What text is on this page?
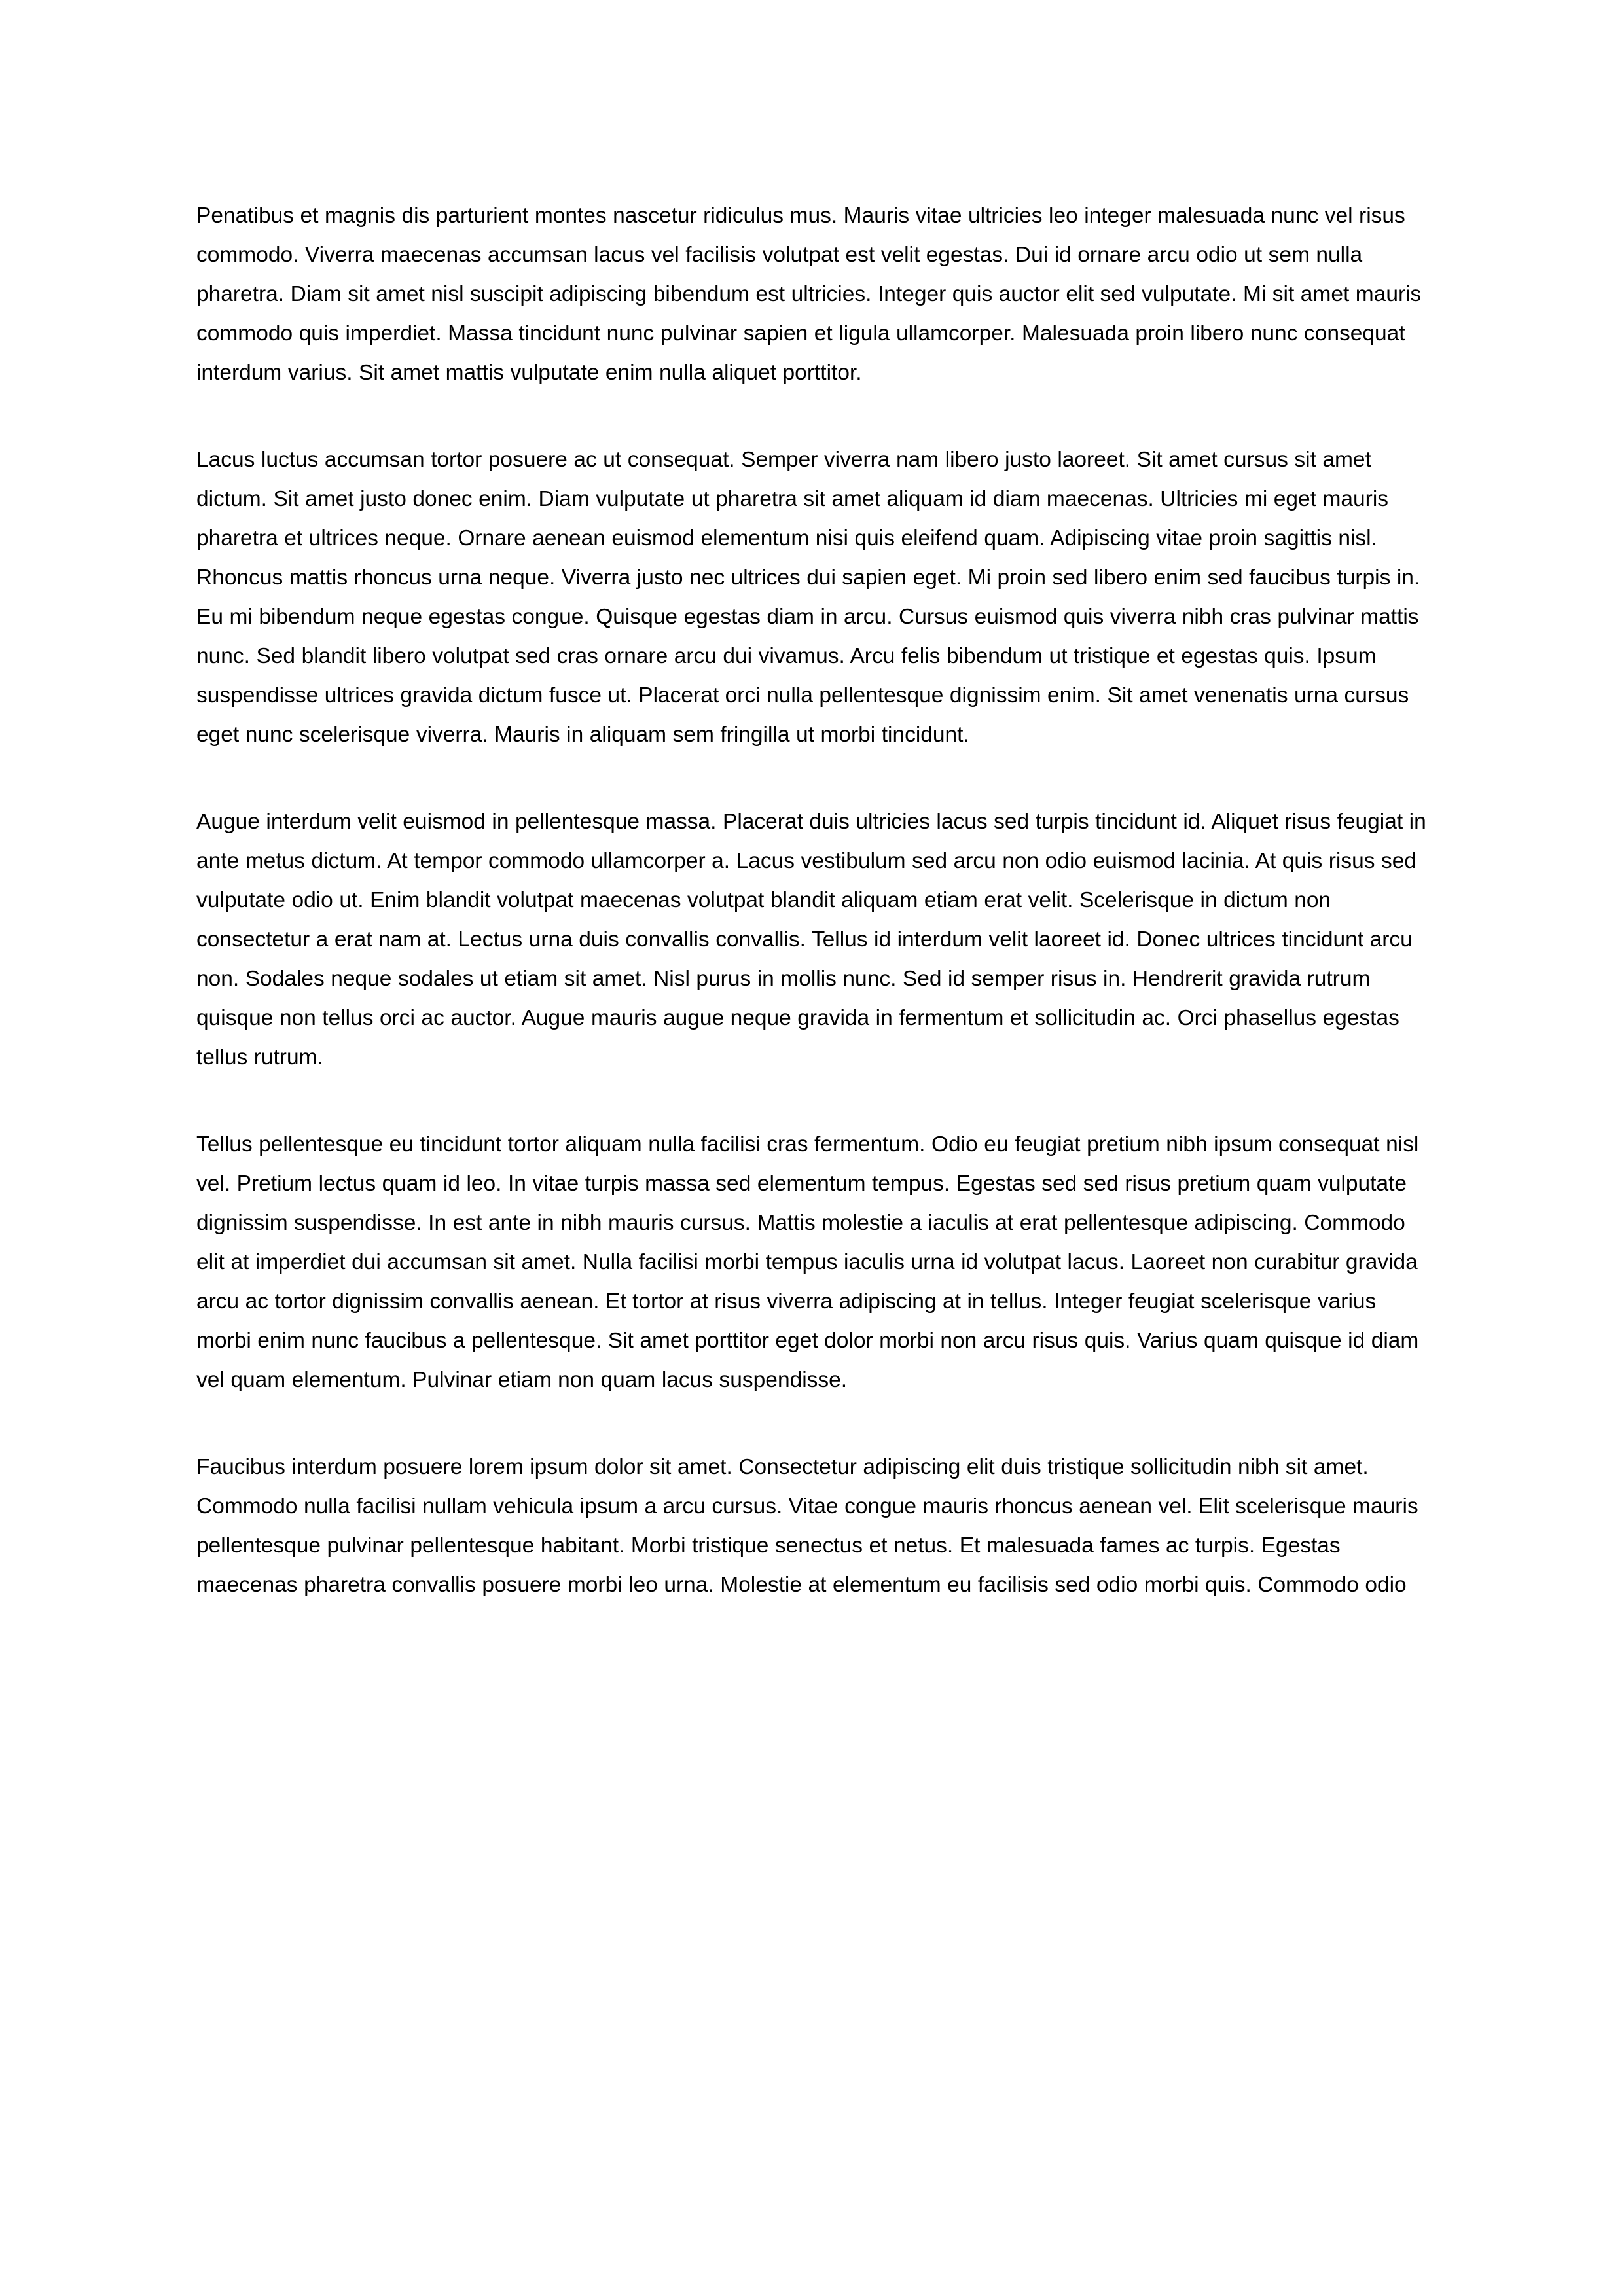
Penatibus et magnis dis parturient montes nascetur ridiculus mus. Mauris vitae ultricies leo integer malesuada nunc vel risus commodo. Viverra maecenas accumsan lacus vel facilisis volutpat est velit egestas. Dui id ornare arcu odio ut sem nulla pharetra. Diam sit amet nisl suscipit adipiscing bibendum est ultricies. Integer quis auctor elit sed vulputate. Mi sit amet mauris commodo quis imperdiet. Massa tincidunt nunc pulvinar sapien et ligula ullamcorper. Malesuada proin libero nunc consequat interdum varius. Sit amet mattis vulputate enim nulla aliquet porttitor.

Lacus luctus accumsan tortor posuere ac ut consequat. Semper viverra nam libero justo laoreet. Sit amet cursus sit amet dictum. Sit amet justo donec enim. Diam vulputate ut pharetra sit amet aliquam id diam maecenas. Ultricies mi eget mauris pharetra et ultrices neque. Ornare aenean euismod elementum nisi quis eleifend quam. Adipiscing vitae proin sagittis nisl. Rhoncus mattis rhoncus urna neque. Viverra justo nec ultrices dui sapien eget. Mi proin sed libero enim sed faucibus turpis in. Eu mi bibendum neque egestas congue. Quisque egestas diam in arcu. Cursus euismod quis viverra nibh cras pulvinar mattis nunc. Sed blandit libero volutpat sed cras ornare arcu dui vivamus. Arcu felis bibendum ut tristique et egestas quis. Ipsum suspendisse ultrices gravida dictum fusce ut. Placerat orci nulla pellentesque dignissim enim. Sit amet venenatis urna cursus eget nunc scelerisque viverra. Mauris in aliquam sem fringilla ut morbi tincidunt.

Augue interdum velit euismod in pellentesque massa. Placerat duis ultricies lacus sed turpis tincidunt id. Aliquet risus feugiat in ante metus dictum. At tempor commodo ullamcorper a. Lacus vestibulum sed arcu non odio euismod lacinia. At quis risus sed vulputate odio ut. Enim blandit volutpat maecenas volutpat blandit aliquam etiam erat velit. Scelerisque in dictum non consectetur a erat nam at. Lectus urna duis convallis convallis. Tellus id interdum velit laoreet id. Donec ultrices tincidunt arcu non. Sodales neque sodales ut etiam sit amet. Nisl purus in mollis nunc. Sed id semper risus in. Hendrerit gravida rutrum quisque non tellus orci ac auctor. Augue mauris augue neque gravida in fermentum et sollicitudin ac. Orci phasellus egestas tellus rutrum.

Tellus pellentesque eu tincidunt tortor aliquam nulla facilisi cras fermentum. Odio eu feugiat pretium nibh ipsum consequat nisl vel. Pretium lectus quam id leo. In vitae turpis massa sed elementum tempus. Egestas sed sed risus pretium quam vulputate dignissim suspendisse. In est ante in nibh mauris cursus. Mattis molestie a iaculis at erat pellentesque adipiscing. Commodo elit at imperdiet dui accumsan sit amet. Nulla facilisi morbi tempus iaculis urna id volutpat lacus. Laoreet non curabitur gravida arcu ac tortor dignissim convallis aenean. Et tortor at risus viverra adipiscing at in tellus. Integer feugiat scelerisque varius morbi enim nunc faucibus a pellentesque. Sit amet porttitor eget dolor morbi non arcu risus quis. Varius quam quisque id diam vel quam elementum. Pulvinar etiam non quam lacus suspendisse.

Faucibus interdum posuere lorem ipsum dolor sit amet. Consectetur adipiscing elit duis tristique sollicitudin nibh sit amet. Commodo nulla facilisi nullam vehicula ipsum a arcu cursus. Vitae congue mauris rhoncus aenean vel. Elit scelerisque mauris pellentesque pulvinar pellentesque habitant. Morbi tristique senectus et netus. Et malesuada fames ac turpis. Egestas maecenas pharetra convallis posuere morbi leo urna. Molestie at elementum eu facilisis sed odio morbi quis. Commodo odio
